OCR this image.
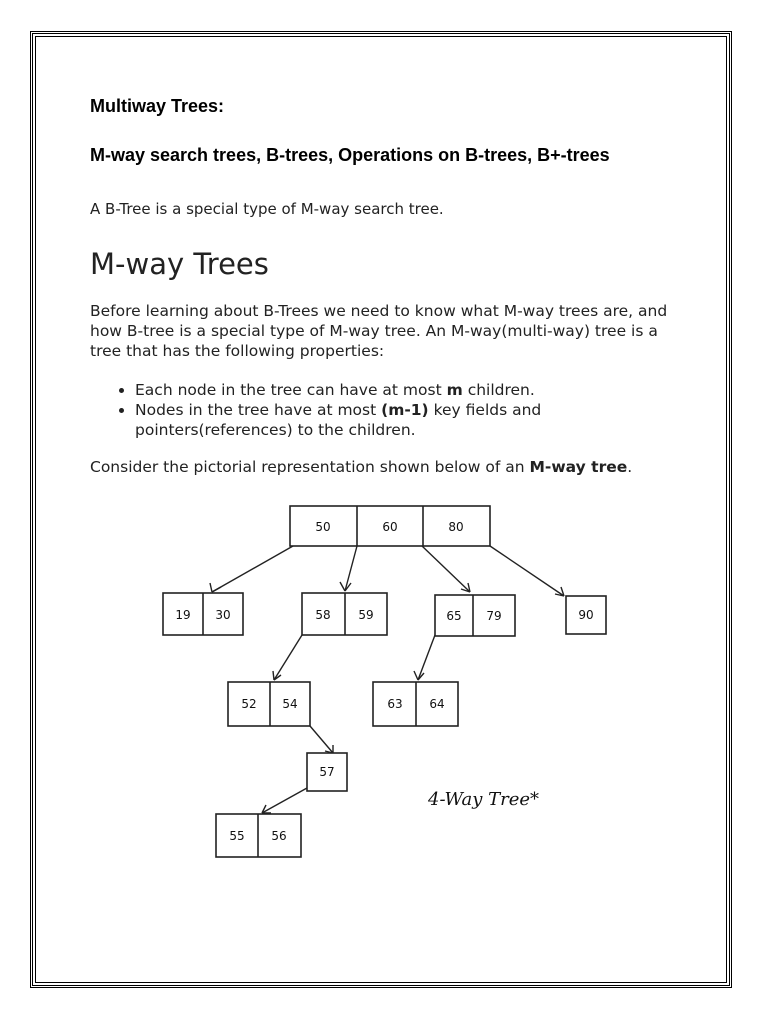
Multiway Trees:
M-way search trees, B-trees, Operations on B-trees, B+-trees
A B-Tree is a special type of M-way search tree.
M-way Trees
Before learning about B-Trees we need to know what M-way trees are, and how B-tree is a special type of M-way tree. An M-way(multi-way) tree is a tree that has the following properties:
• Each node in the tree can have at most m children.
• Nodes in the tree have at most (m-1) key fields and pointers(references) to the children.
Consider the pictorial representation shown below of an M-way tree.
50	60	80
19 30	58 59	65 79	90
52 54	63 64
57
55 56
4-Way Tree*
